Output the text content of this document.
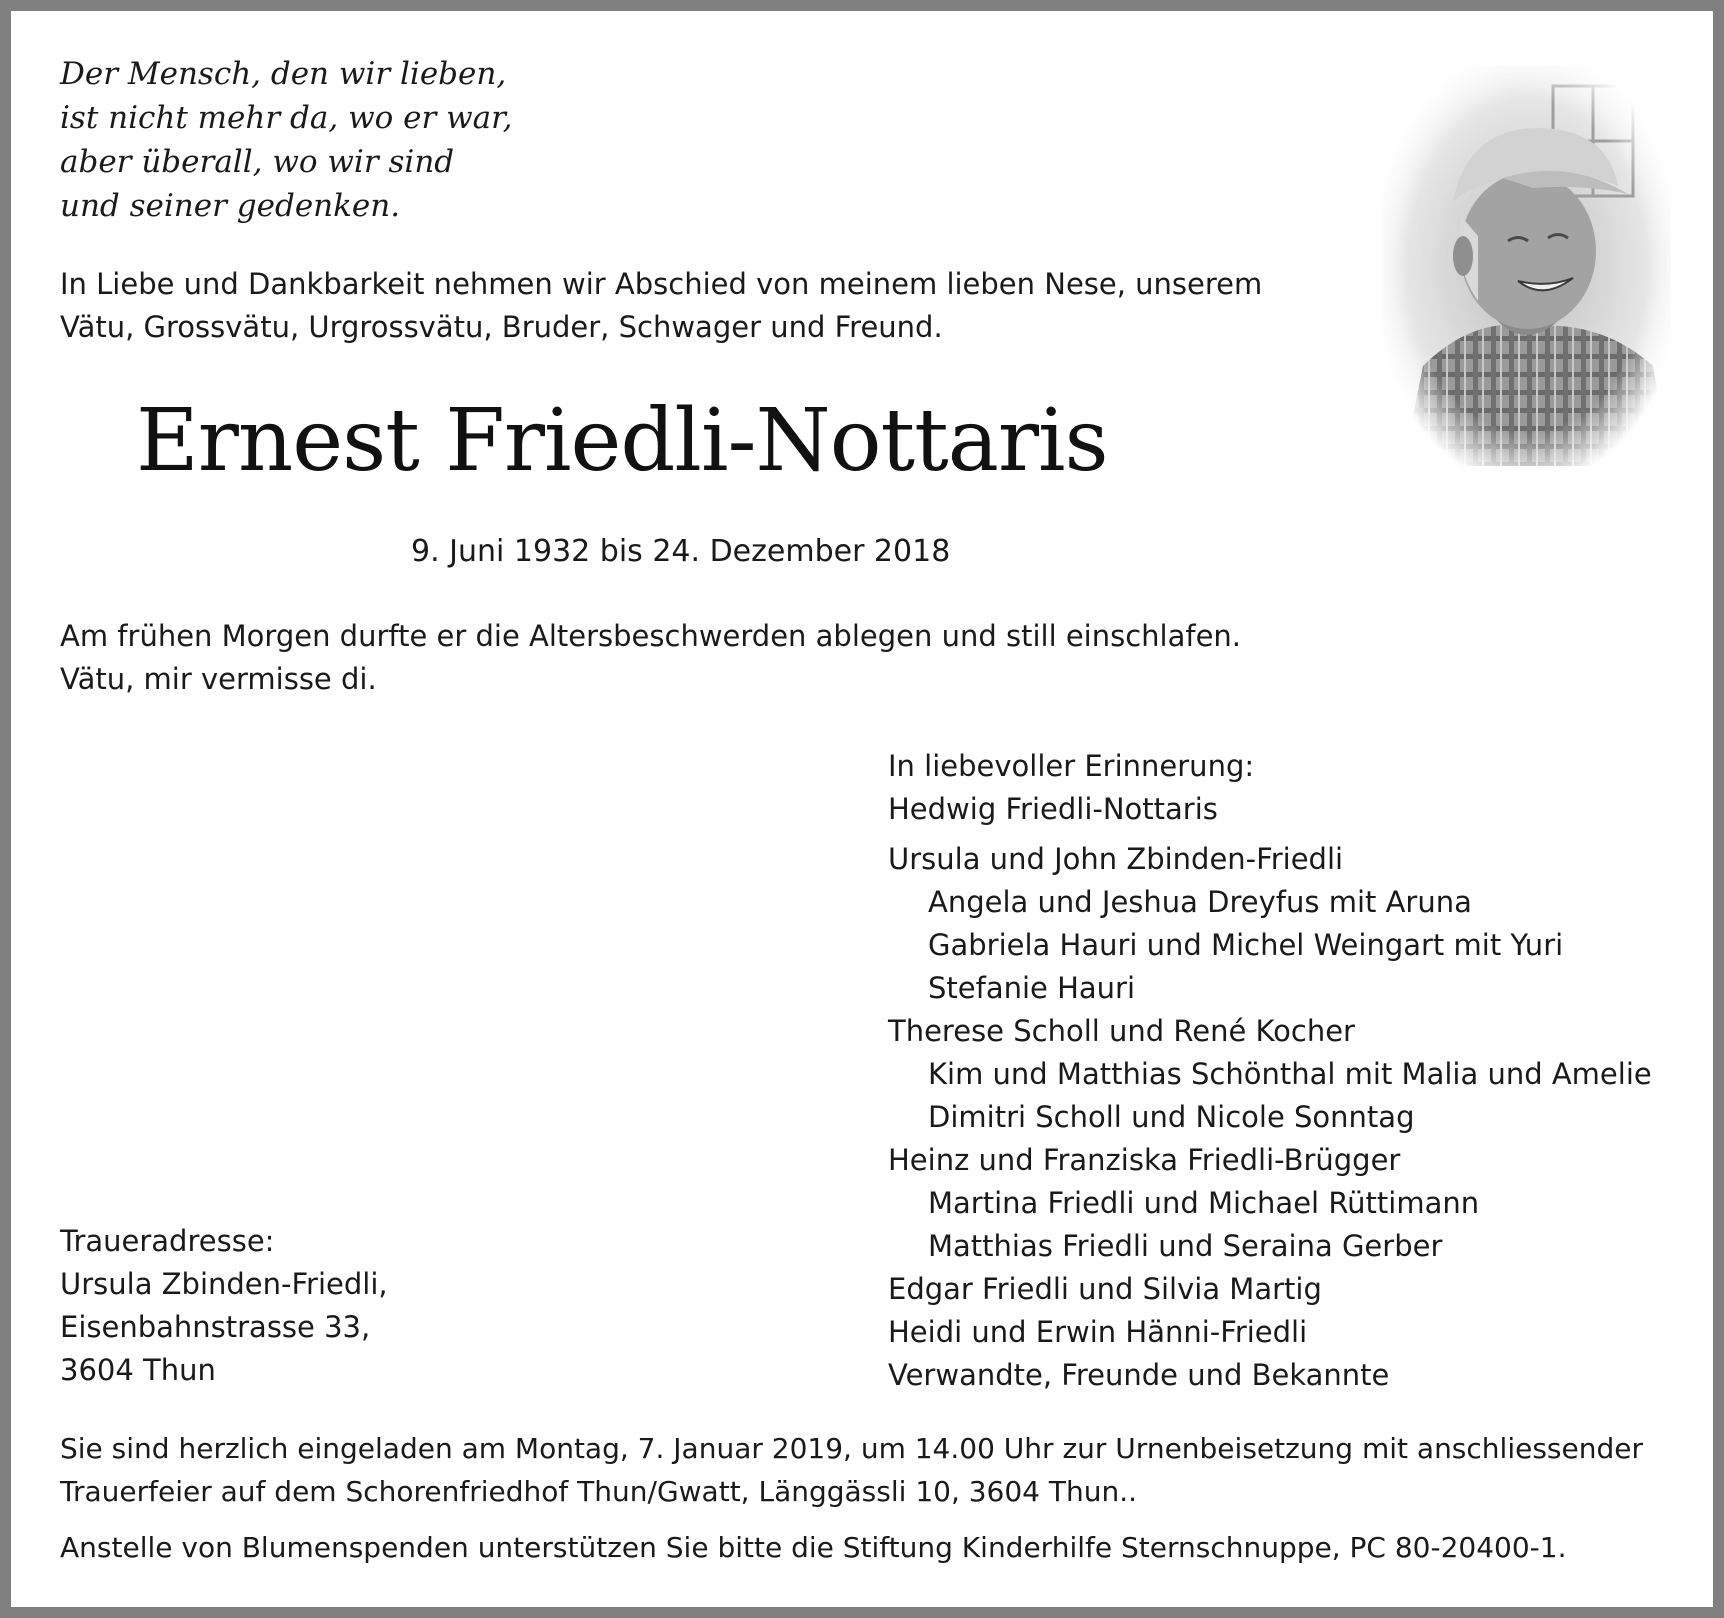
Der Mensch, den wir lieben,
ist nicht mehr da, wo er war,
aber überall, wo wir sind
und seiner gedenken.
In Liebe und Dankbarkeit nehmen wir Abschied von meinem lieben Nese, unserem
Vätu, Grossvätu, Urgrossvätu, Bruder, Schwager und Freund.
Ernest Friedli-Nottaris
9. Juni 1932 bis 24. Dezember 2018
Am frühen Morgen durfte er die Altersbeschwerden ablegen und still einschlafen.
Vätu, mir vermisse di.
In liebevoller Erinnerung:
Hedwig Friedli-Nottaris
Ursula und John Zbinden-Friedli
Angela und Jeshua Dreyfus mit Aruna
Gabriela Hauri und Michel Weingart mit Yuri
Stefanie Hauri
Therese Scholl und René Kocher
Kim und Matthias Schönthal mit Malia und Amelie
Dimitri Scholl und Nicole Sonntag
Heinz und Franziska Friedli-Brügger
Martina Friedli und Michael Rüttimann
Matthias Friedli und Seraina Gerber
Edgar Friedli und Silvia Martig
Heidi und Erwin Hänni-Friedli
Verwandte, Freunde und Bekannte
Traueradresse:
Ursula Zbinden-Friedli,
Eisenbahnstrasse 33,
3604 Thun
Sie sind herzlich eingeladen am Montag, 7. Januar 2019, um 14.00 Uhr zur Urnenbeisetzung mit anschliessender
Trauerfeier auf dem Schorenfriedhof Thun/Gwatt, Länggässli 10, 3604 Thun..
Anstelle von Blumenspenden unterstützen Sie bitte die Stiftung Kinderhilfe Sternschnuppe, PC 80-20400-1.
